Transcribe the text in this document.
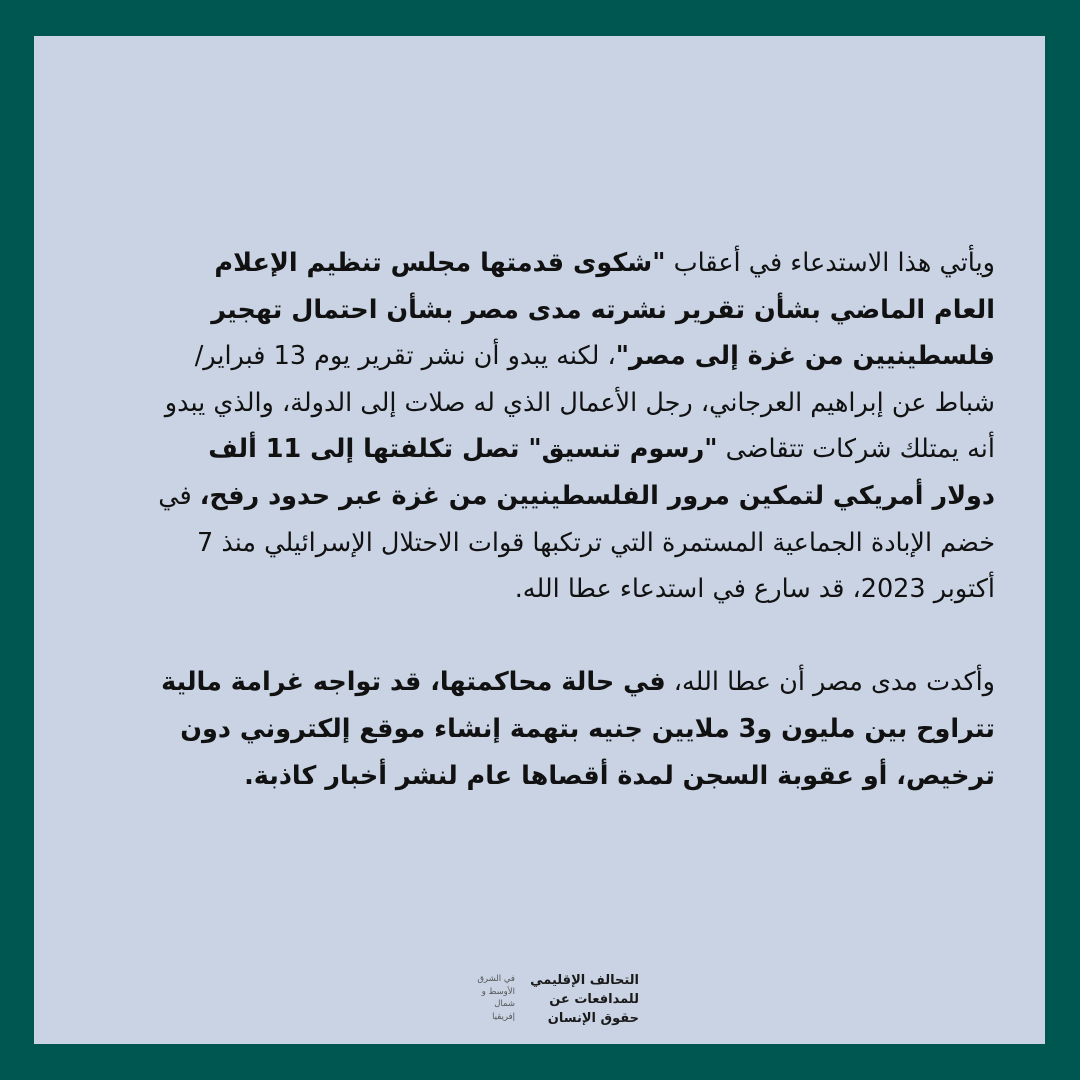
ويأتي هذا الاستدعاء في أعقاب "شكوى قدمتها مجلس تنظيم الإعلام العام الماضي بشأن تقرير نشرته مدى مصر بشأن احتمال تهجير فلسطينيين من غزة إلى مصر"، لكنه يبدو أن نشر تقرير يوم 13 فبراير/شباط عن إبراهيم العرجاني، رجل الأعمال الذي له صلات إلى الدولة، والذي يبدو أنه يمتلك شركات تتقاضى "رسوم تنسيق" تصل تكلفتها إلى 11 ألف دولار أمريكي لتمكين مرور الفلسطينيين من غزة عبر حدود رفح، في خضم الإبادة الجماعية المستمرة التي ترتكبها قوات الاحتلال الإسرائيلي منذ 7 أكتوبر 2023، قد سارع في استدعاء عطا الله.

وأكدت مدى مصر أن عطا الله، في حالة محاكمتها، قد تواجه غرامة مالية تتراوح بين مليون و3 ملايين جنيه بتهمة إنشاء موقع إلكتروني دون ترخيص، أو عقوبة السجن لمدة أقصاها عام لنشر أخبار كاذبة.

التحالف الإقليمي
للمدافعات عن
حقوق الإنسان
في الشرق
الأوسط و
شمال
إفريقيا
